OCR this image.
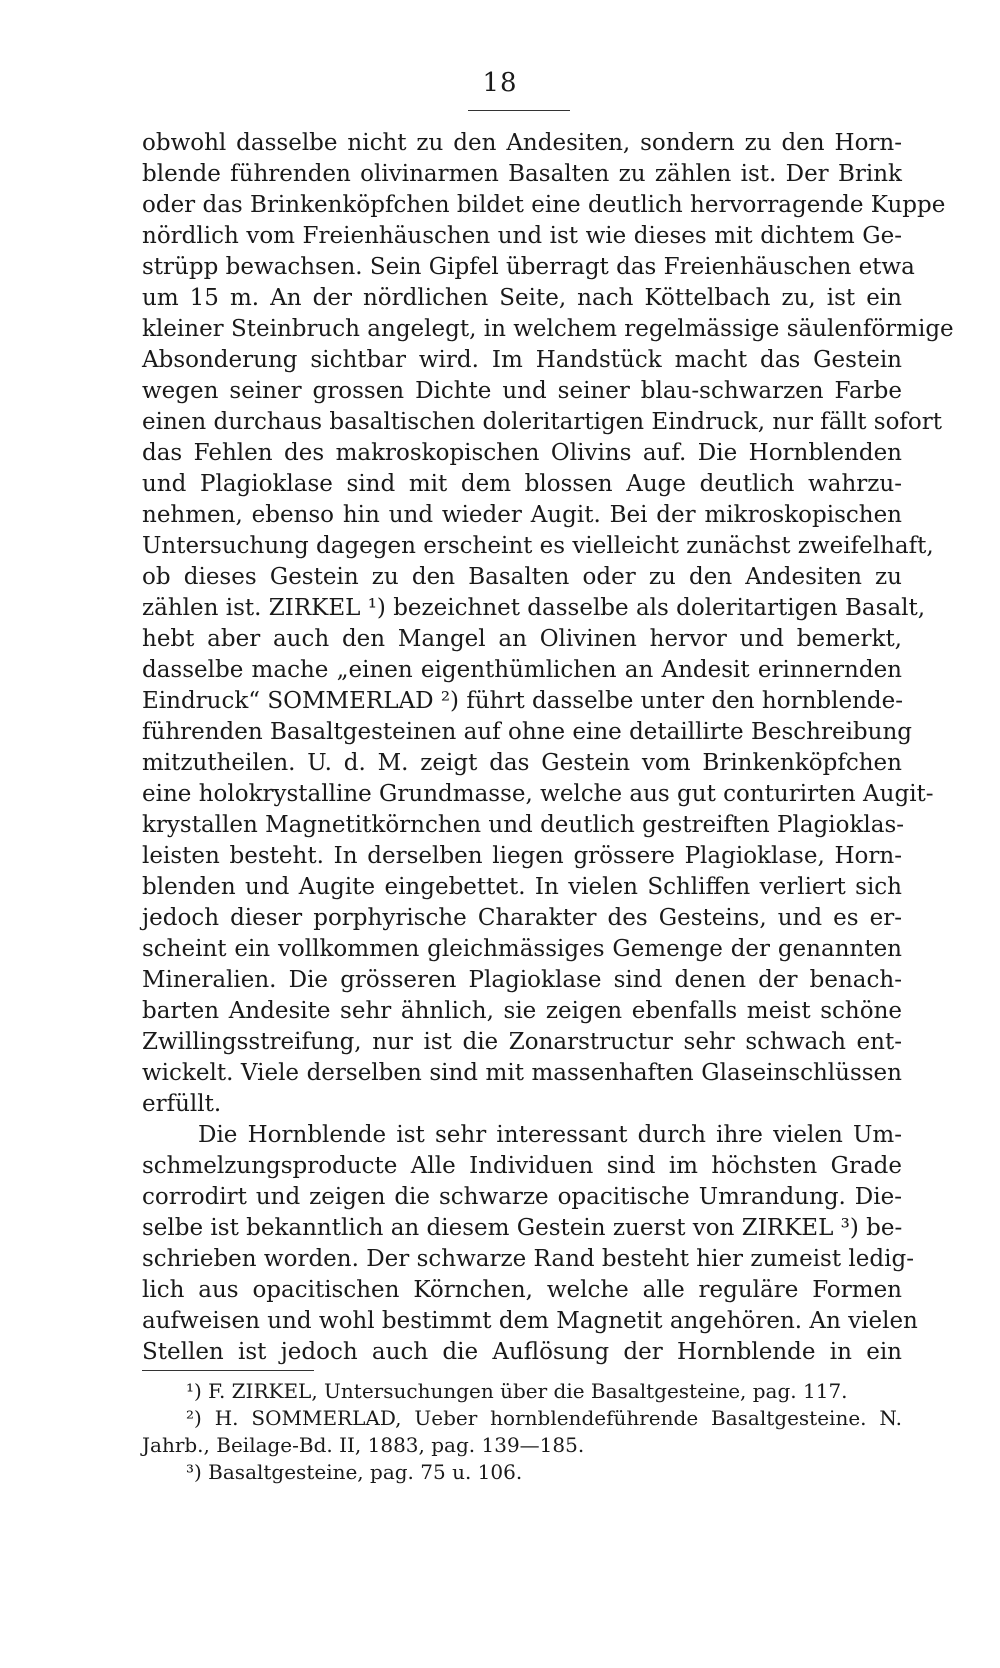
18
obwohl dasselbe nicht zu den Andesiten, sondern zu den Horn-
blende führenden olivinarmen Basalten zu zählen ist. Der Brink
oder das Brinkenköpfchen bildet eine deutlich hervorragende Kuppe
nördlich vom Freienhäuschen und ist wie dieses mit dichtem Ge-
strüpp bewachsen. Sein Gipfel überragt das Freienhäuschen etwa
um 15 m. An der nördlichen Seite, nach Köttelbach zu, ist ein
kleiner Steinbruch angelegt, in welchem regelmässige säulenförmige
Absonderung sichtbar wird. Im Handstück macht das Gestein
wegen seiner grossen Dichte und seiner blau-schwarzen Farbe
einen durchaus basaltischen doleritartigen Eindruck, nur fällt sofort
das Fehlen des makroskopischen Olivins auf. Die Hornblenden
und Plagioklase sind mit dem blossen Auge deutlich wahrzu-
nehmen, ebenso hin und wieder Augit. Bei der mikroskopischen
Untersuchung dagegen erscheint es vielleicht zunächst zweifelhaft,
ob dieses Gestein zu den Basalten oder zu den Andesiten zu
zählen ist. ZIRKEL ¹) bezeichnet dasselbe als doleritartigen Basalt,
hebt aber auch den Mangel an Olivinen hervor und bemerkt,
dasselbe mache „einen eigenthümlichen an Andesit erinnernden
Eindruck“ SOMMERLAD ²) führt dasselbe unter den hornblende-
führenden Basaltgesteinen auf ohne eine detaillirte Beschreibung
mitzutheilen. U. d. M. zeigt das Gestein vom Brinkenköpfchen
eine holokrystalline Grundmasse, welche aus gut conturirten Augit-
krystallen Magnetitkörnchen und deutlich gestreiften Plagioklas-
leisten besteht. In derselben liegen grössere Plagioklase, Horn-
blenden und Augite eingebettet. In vielen Schliffen verliert sich
jedoch dieser porphyrische Charakter des Gesteins, und es er-
scheint ein vollkommen gleichmässiges Gemenge der genannten
Mineralien. Die grösseren Plagioklase sind denen der benach-
barten Andesite sehr ähnlich, sie zeigen ebenfalls meist schöne
Zwillingsstreifung, nur ist die Zonarstructur sehr schwach ent-
wickelt. Viele derselben sind mit massenhaften Glaseinschlüssen
erfüllt.
Die Hornblende ist sehr interessant durch ihre vielen Um-
schmelzungsproducte Alle Individuen sind im höchsten Grade
corrodirt und zeigen die schwarze opacitische Umrandung. Die-
selbe ist bekanntlich an diesem Gestein zuerst von ZIRKEL ³) be-
schrieben worden. Der schwarze Rand besteht hier zumeist ledig-
lich aus opacitischen Körnchen, welche alle reguläre Formen
aufweisen und wohl bestimmt dem Magnetit angehören. An vielen
Stellen ist jedoch auch die Auflösung der Hornblende in ein
¹) F. ZIRKEL, Untersuchungen über die Basaltgesteine, pag. 117.
²) H. SOMMERLAD, Ueber hornblendeführende Basaltgesteine. N.
Jahrb., Beilage-Bd. II, 1883, pag. 139—185.
³) Basaltgesteine, pag. 75 u. 106.
